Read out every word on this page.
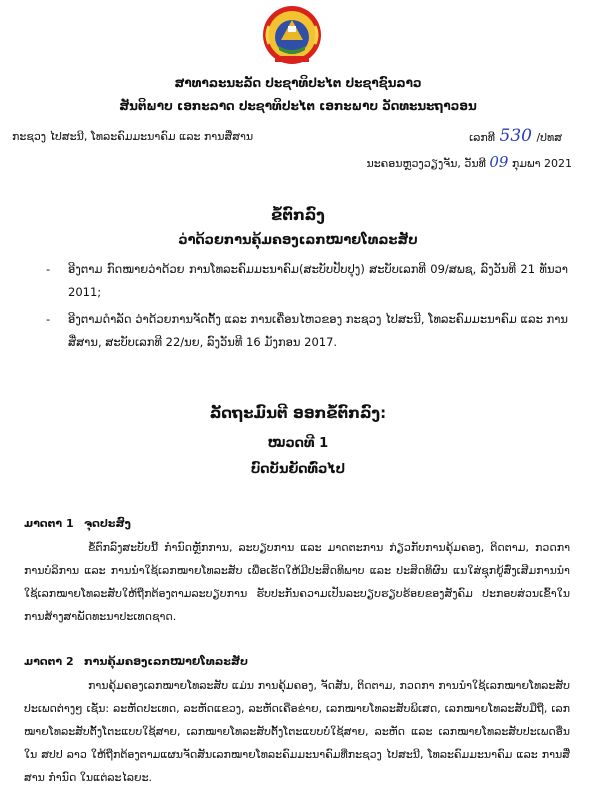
ສາທາລະນະລັດ ປະຊາທິປະໄຕ ປະຊາຊົນລາວ
ສັນຕິພາບ ເອກະລາດ ປະຊາທິປະໄຕ ເອກະພາບ ວັດທະນະຖາວອນ
ກະຊວງ ໄປສະນີ, ໂທລະຄົມມະນາຄົມ ແລະ ການສື່ສານ	ເລກທີ 530 /ປທສ
ນະຄອນຫຼວງວຽງຈັນ, ວັນທີ 09 ກຸມພາ 2021
ຂໍ້ຕົກລົງ
ວ່າດ້ວຍການຄຸ້ມຄອງເລກໝາຍໂທລະສັບ
-	ອີງຕາມ ກົດໝາຍວ່າດ້ວຍ ການໂທລະຄົມມະນາຄົມ(ສະບັບປັບປຸງ) ສະບັບເລກທີ 09/ສພຊ, ລົງວັນທີ 21 ທັນວາ 2011;
-	ອີງຕາມດຳລັດ ວ່າດ້ວຍການຈັດຕັ້ງ ແລະ ການເຄື່ອນໄຫວຂອງ ກະຊວງ ໄປສະນີ, ໂທລະຄົມມະນາຄົມ ແລະ ການສື່ສານ, ສະບັບເລກທີ 22/ນຍ, ລົງວັນທີ 16 ມັງກອນ 2017.
ລັດຖະມົນຕີ ອອກຂໍ້ຕົກລົງ:
ໝວດທີ 1
ບົດບັນຍັດທົ່ວໄປ
ມາດຕາ 1 ຈຸດປະສົງ
ຂໍ້ຕົກລົງສະບັບນີ້ ກຳນົດຫຼັກການ, ລະບຽບການ ແລະ ມາດຕະການ ກ່ຽວກັບການຄຸ້ມຄອງ, ຕິດຕາມ, ກວດກາການບໍລິການ ແລະ ການນຳໃຊ້ເລກໝາຍໂທລະສັບ ເພື່ອເຮັດໃຫ້ມີປະສິດທິພາບ ແລະ ປະສິດທິຜົນ ແນໃສ່ຊຸກຍູ້ສົ່ງເສີມການນຳໃຊ້ເລກໝາຍໂທລະສັບໃຫ້ຖືກຕ້ອງຕາມລະບຽບການ ຮັບປະກັນຄວາມເປັນລະບຽບຮຽບຮ້ອຍຂອງສັງຄົມ ປະກອບສ່ວນເຂົ້າໃນການສ້າງສາພັດທະນາປະເທດຊາດ.
ມາດຕາ 2 ການຄຸ້ມຄອງເລກໝາຍໂທລະສັບ
ການຄຸ້ມຄອງເລກໝາຍໂທລະສັບ ແມ່ນ ການຄຸ້ມຄອງ, ຈັດສັນ, ຕິດຕາມ, ກວດກາ ການນຳໃຊ້ເລກໝາຍໂທລະສັບປະເພດຕ່າງໆ ເຊັ່ນ: ລະຫັດປະເທດ, ລະຫັດແຂວງ, ລະຫັດເຄືອຂ່າຍ, ເລກໝາຍໂທລະສັບພິເສດ, ເລກໝາຍໂທລະສັບມືຖື, ເລກໝາຍໂທລະສັບຕັ້ງໂຕະແບບໃຊ້ສາຍ, ເລກໝາຍໂທລະສັບຕັ້ງໂຕະແບບບໍ່ໃຊ້ສາຍ, ລະຫັດ ແລະ ເລກໝາຍໂທລະສັບປະເພດອື່ນ ໃນ ສປປ ລາວ ໃຫ້ຖືກຕ້ອງຕາມແຜນຈັດສັນເລກໝາຍໂທລະຄົມມະນາຄົມທີ່ກະຊວງ ໄປສະນີ, ໂທລະຄົມມະນາຄົມ ແລະ ການສື່ສານ ກຳນົດ ໃນແຕ່ລະໄລຍະ.
